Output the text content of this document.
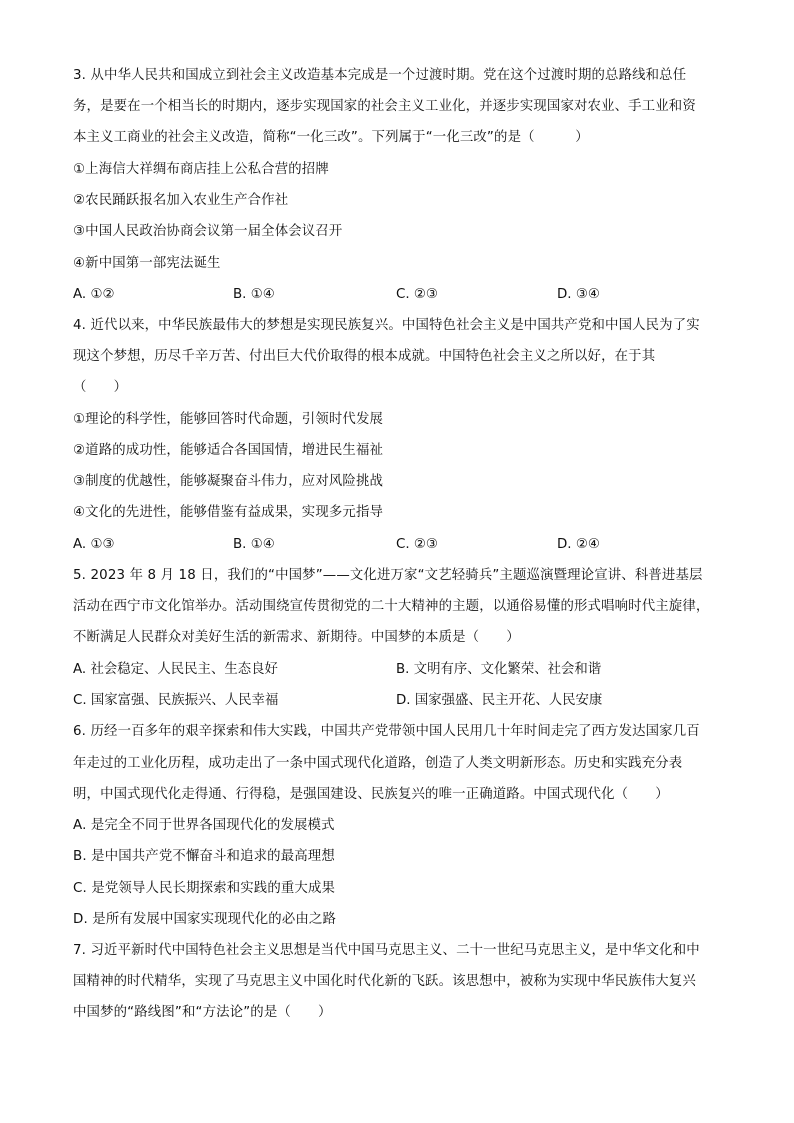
3. 从中华人民共和国成立到社会主义改造基本完成是一个过渡时期。党在这个过渡时期的总路线和总任
务，是要在一个相当长的时期内，逐步实现国家的社会主义工业化，并逐步实现国家对农业、手工业和资
本主义工商业的社会主义改造，简称“一化三改”。下列属于“一化三改”的是（　　　）
①上海信大祥绸布商店挂上公私合营的招牌
②农民踊跃报名加入农业生产合作社
③中国人民政治协商会议第一届全体会议召开
④新中国第一部宪法诞生
A. ①②	B. ①④	C. ②③	D. ③④
4. 近代以来，中华民族最伟大的梦想是实现民族复兴。中国特色社会主义是中国共产党和中国人民为了实
现这个梦想，历尽千辛万苦、付出巨大代价取得的根本成就。中国特色社会主义之所以好，在于其
（　　）
①理论的科学性，能够回答时代命题，引领时代发展
②道路的成功性，能够适合各国国情，增进民生福祉
③制度的优越性，能够凝聚奋斗伟力，应对风险挑战
④文化的先进性，能够借鉴有益成果，实现多元指导
A. ①③	B. ①④	C. ②③	D. ②④
5. 2023 年 8 月 18 日，我们的“中国梦”——文化进万家“文艺轻骑兵”主题巡演暨理论宣讲、科普进基层
活动在西宁市文化馆举办。活动围绕宣传贯彻党的二十大精神的主题，以通俗易懂的形式唱响时代主旋律，
不断满足人民群众对美好生活的新需求、新期待。中国梦的本质是（　　）
A. 社会稳定、人民民主、生态良好	B. 文明有序、文化繁荣、社会和谐
C. 国家富强、民族振兴、人民幸福	D. 国家强盛、民主开花、人民安康
6. 历经一百多年的艰辛探索和伟大实践，中国共产党带领中国人民用几十年时间走完了西方发达国家几百
年走过的工业化历程，成功走出了一条中国式现代化道路，创造了人类文明新形态。历史和实践充分表
明，中国式现代化走得通、行得稳，是强国建设、民族复兴的唯一正确道路。中国式现代化（　　）
A. 是完全不同于世界各国现代化的发展模式
B. 是中国共产党不懈奋斗和追求的最高理想
C. 是党领导人民长期探索和实践的重大成果
D. 是所有发展中国家实现现代化的必由之路
7. 习近平新时代中国特色社会主义思想是当代中国马克思主义、二十一世纪马克思主义，是中华文化和中
国精神的时代精华，实现了马克思主义中国化时代化新的飞跃。该思想中，被称为实现中华民族伟大复兴
中国梦的“路线图”和“方法论”的是（　　）
